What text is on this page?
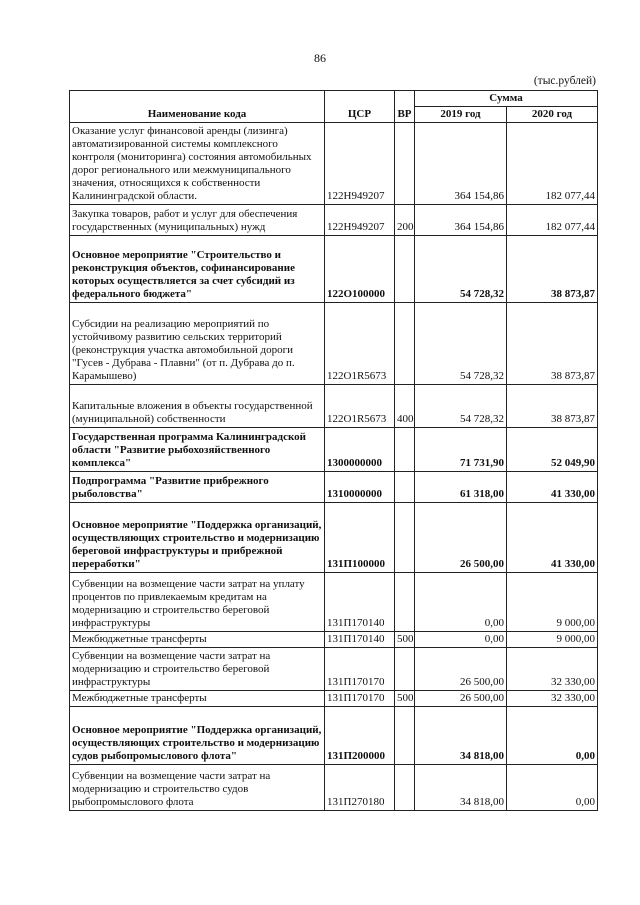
86
(тыс.рублей)
Наименование кода	ЦСР	ВР	Сумма	
			2019 год	2020 год
Оказание услуг финансовой аренды (лизинга) автоматизированной системы комплексного контроля (мониторинга) состояния автомобильных дорог регионального или межмуниципального значения, относящихся к собственности Калининградской области.	122Н949207		364 154,86	182 077,44
Закупка товаров, работ и услуг для обеспечения государственных (муниципальных) нужд	122Н949207	200	364 154,86	182 077,44
Основное мероприятие "Строительство и реконструкция объектов, софинансирование которых осуществляется за счет субсидий из федерального бюджета"	122O100000		54 728,32	38 873,87
Субсидии на реализацию мероприятий по устойчивому развитию сельских территорий (реконструкция участка автомобильной дороги "Гусев - Дубрава - Плавни" (от п. Дубрава до п. Карамышево)	122O1R5673		54 728,32	38 873,87
Капитальные вложения в объекты государственной (муниципальной) собственности	122O1R5673	400	54 728,32	38 873,87
Государственная программа Калининградской области "Развитие рыбохозяйственного комплекса"	1300000000		71 731,90	52 049,90
Подпрограмма "Развитие прибрежного рыболовства"	1310000000		61 318,00	41 330,00
Основное мероприятие "Поддержка организаций, осуществляющих строительство и модернизацию береговой инфраструктуры и прибрежной переработки"	131П100000		26 500,00	41 330,00
Субвенции на возмещение части затрат на уплату процентов по привлекаемым кредитам на модернизацию и строительство береговой инфраструктуры	131П170140		0,00	9 000,00
Межбюджетные трансферты	131П170140	500	0,00	9 000,00
Субвенции на возмещение части затрат на модернизацию и строительство береговой инфраструктуры	131П170170		26 500,00	32 330,00
Межбюджетные трансферты	131П170170	500	26 500,00	32 330,00
Основное мероприятие "Поддержка организаций, осуществляющих строительство и модернизацию судов рыбопромыслового флота"	131П200000		34 818,00	0,00
Субвенции на возмещение части затрат на модернизацию и строительство судов рыбопромыслового флота	131П270180		34 818,00	0,00
